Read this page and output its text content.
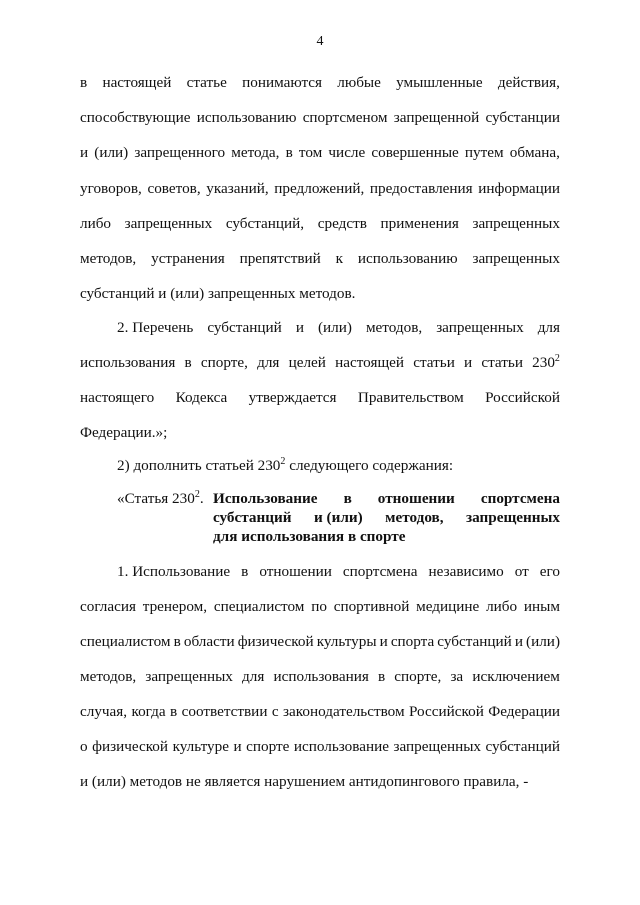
4
в настоящей статье понимаются любые умышленные действия,
способствующие использованию спортсменом запрещенной субстанции
и (или) запрещенного метода, в том числе совершенные путем обмана,
уговоров, советов, указаний, предложений, предоставления информации
либо запрещенных субстанций, средств применения запрещенных
методов, устранения препятствий к использованию запрещенных
субстанций и (или) запрещенных методов.
2. Перечень субстанций и (или) методов, запрещенных для
использования в спорте, для целей настоящей статьи и статьи $230^2$
настоящего Кодекса утверждается Правительством Российской
Федерации.»;
2) дополнить статьей $230^2$ следующего содержания:
«Статья $230^2$. Использование в отношении спортсмена
субстанций и (или) методов, запрещенных
для использования в спорте
1. Использование в отношении спортсмена независимо от его
согласия тренером, специалистом по спортивной медицине либо иным
специалистом в области физической культуры и спорта субстанций и (или)
методов, запрещенных для использования в спорте, за исключением
случая, когда в соответствии с законодательством Российской Федерации
о физической культуре и спорте использование запрещенных субстанций
и (или) методов не является нарушением антидопингового правила, -
